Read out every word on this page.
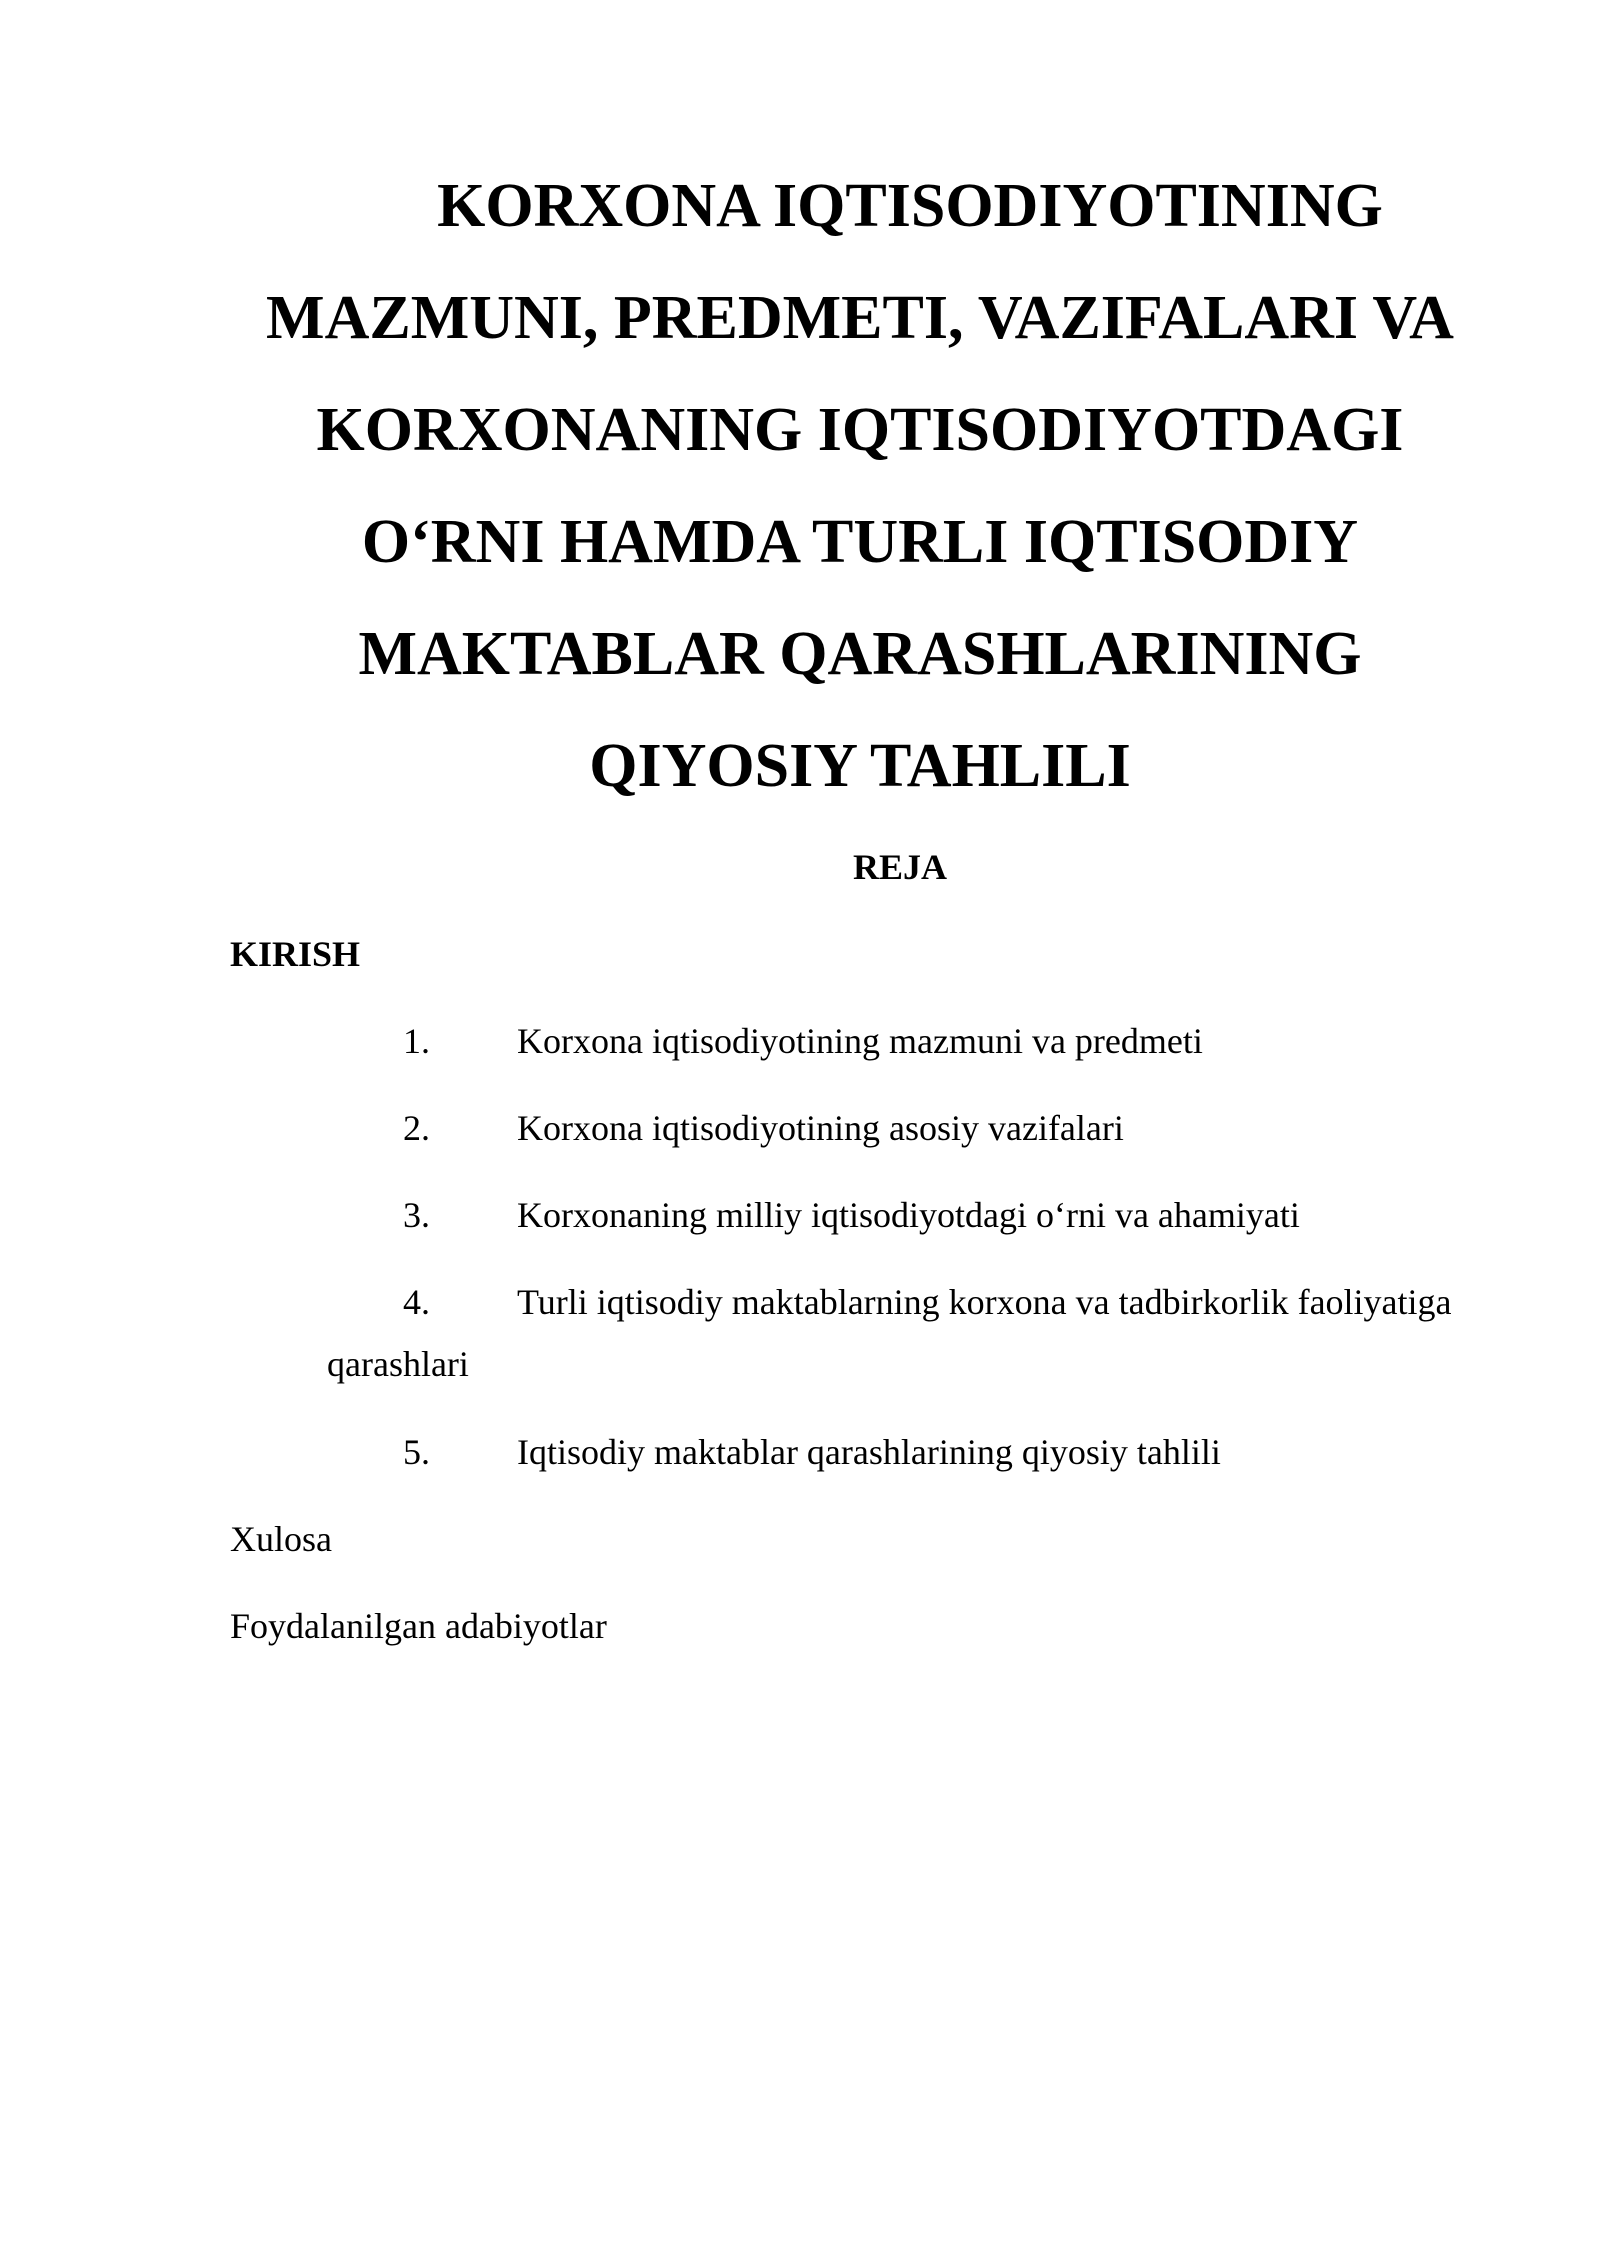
KORXONA IQTISODIYOTINING
MAZMUNI, PREDMETI, VAZIFALARI VA
KORXONANING IQTISODIYOTDAGI
O‘RNI HAMDA TURLI IQTISODIY
MAKTABLAR QARASHLARINING
QIYOSIY TAHLILI
REJA
KIRISH
1. Korxona iqtisodiyotining mazmuni va predmeti
2. Korxona iqtisodiyotining asosiy vazifalari
3. Korxonaning milliy iqtisodiyotdagi o‘rni va ahamiyati
4. Turli iqtisodiy maktablarning korxona va tadbirkorlik faoliyatiga
qarashlari
5. Iqtisodiy maktablar qarashlarining qiyosiy tahlili
Xulosa
Foydalanilgan adabiyotlar
